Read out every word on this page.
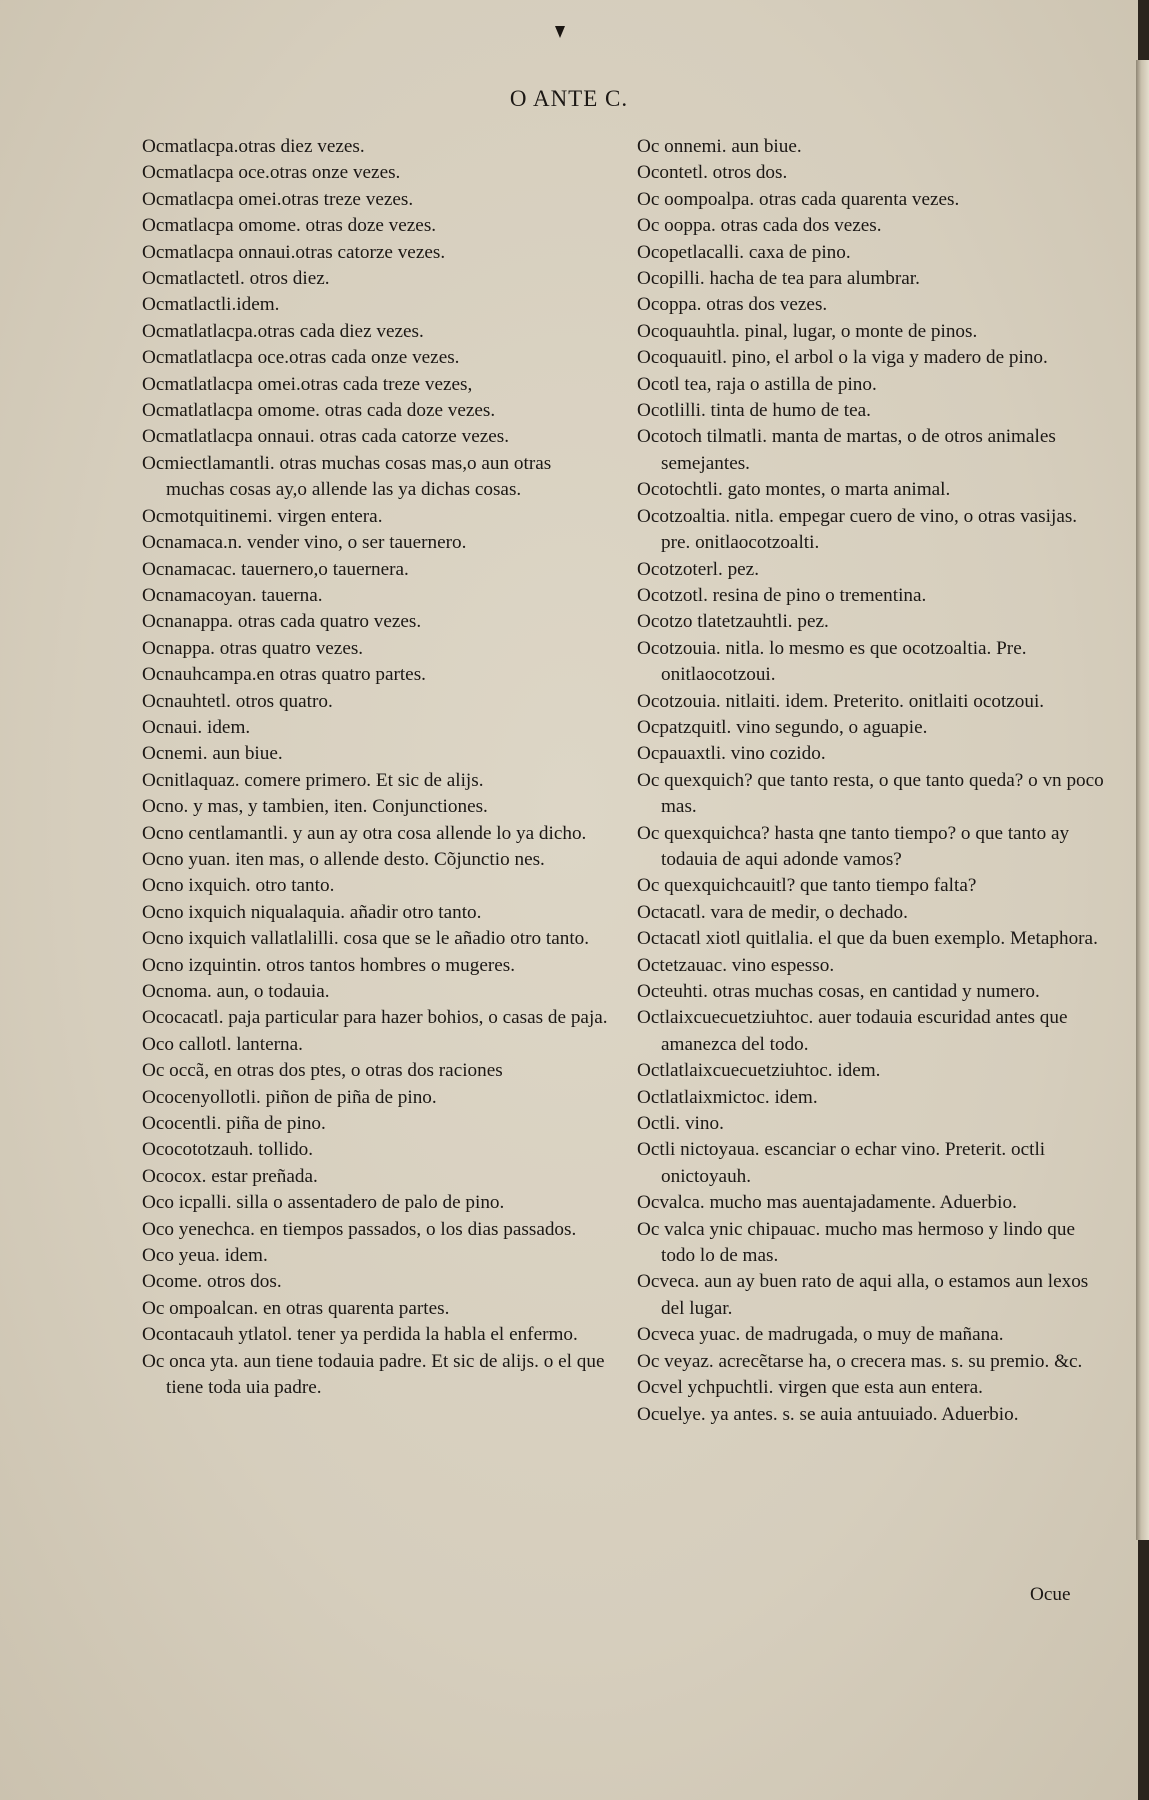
O ANTE C.

Ocmatlacpa.otras diez vezes.

Ocmatlacpa oce.otras onze vezes.

Ocmatlacpa omei.otras treze vezes.

Ocmatlacpa omome. otras doze vezes.

Ocmatlacpa onnaui.otras catorze vezes.

Ocmatlactetl. otros diez.

Ocmatlactli.idem.

Ocmatlatlacpa.otras cada diez vezes.

Ocmatlatlacpa oce.otras cada onze vezes.

Ocmatlatlacpa omei.otras cada treze vezes,

Ocmatlatlacpa omome. otras cada doze vezes.

Ocmatlatlacpa onnaui. otras cada catorze vezes.

Ocmiectlamantli. otras muchas cosas mas,o aun otras muchas cosas ay,o allende las ya dichas cosas.

Ocmotquitinemi. virgen entera.

Ocnamaca.n. vender vino, o ser tauernero.

Ocnamacac. tauernero,o tauernera.

Ocnamacoyan. tauerna.

Ocnanappa. otras cada quatro vezes.

Ocnappa. otras quatro vezes.

Ocnauhcampa.en otras quatro partes.

Ocnauhtetl. otros quatro.

Ocnaui. idem.

Ocnemi. aun biue.

Ocnitlaquaz. comere primero. Et sic de alijs.

Ocno. y mas, y tambien, iten. Conjunctiones.

Ocno centlamantli. y aun ay otra cosa allende lo ya dicho.

Ocno yuan. iten mas, o allende desto. Cõjunctio nes.

Ocno ixquich. otro tanto.

Ocno ixquich niqualaquia. añadir otro tanto.

Ocno ixquich vallatlalilli. cosa que se le añadio otro tanto.

Ocno izquintin. otros tantos hombres o mugeres.

Ocnoma. aun, o todauia.

Ococacatl. paja particular para hazer bohios, o casas de paja.

Oco callotl. lanterna.

Oc occã, en otras dos ptes, o otras dos raciones

Ococenyollotli. piñon de piña de pino.

Ococentli. piña de pino.

Ococototzauh. tollido.

Ococox. estar preñada.

Oco icpalli. silla o assentadero de palo de pino.

Oco yenechca. en tiempos passados, o los dias passados.

Oco yeua. idem.

Ocome. otros dos.

Oc ompoalcan. en otras quarenta partes.

Ocontacauh ytlatol. tener ya perdida la habla el enfermo.

Oc onca yta. aun tiene todauia padre. Et sic de alijs. o el que tiene toda uia padre.

Oc onnemi. aun biue.

Ocontetl. otros dos.

Oc oompoalpa. otras cada quarenta vezes.

Oc ooppa. otras cada dos vezes.

Ocopetlacalli. caxa de pino.

Ocopilli. hacha de tea para alumbrar.

Ocoppa. otras dos vezes.

Ocoquauhtla. pinal, lugar, o monte de pinos.

Ocoquauitl. pino, el arbol o la viga y madero de pino.

Ocotl tea, raja o astilla de pino.

Ocotlilli. tinta de humo de tea.

Ocotoch tilmatli. manta de martas, o de otros animales semejantes.

Ocotochtli. gato montes, o marta animal.

Ocotzoaltia. nitla. empegar cuero de vino, o otras vasijas. pre. onitlaocotzoalti.

Ocotzoterl. pez.

Ocotzotl. resina de pino o trementina.

Ocotzo tlatetzauhtli. pez.

Ocotzouia. nitla. lo mesmo es que ocotzoaltia. Pre. onitlaocotzoui.

Ocotzouia. nitlaiti. idem. Preterito. onitlaiti ocotzoui.

Ocpatzquitl. vino segundo, o aguapie.

Ocpauaxtli. vino cozido.

Oc quexquich? que tanto resta, o que tanto queda? o vn poco mas.

Oc quexquichca? hasta qne tanto tiempo? o que tanto ay todauia de aqui adonde vamos?

Oc quexquichcauitl? que tanto tiempo falta?

Octacatl. vara de medir, o dechado.

Octacatl xiotl quitlalia. el que da buen exemplo. Metaphora.

Octetzauac. vino espesso.

Octeuhti. otras muchas cosas, en cantidad y numero.

Octlaixcuecuetziuhtoc. auer todauia escuridad antes que amanezca del todo.

Octlatlaixcuecuetziuhtoc. idem.

Octlatlaixmictoc. idem.

Octli. vino.

Octli nictoyaua. escanciar o echar vino. Preterit. octli onictoyauh.

Ocvalca. mucho mas auentajadamente. Aduerbio.

Oc valca ynic chipauac. mucho mas hermoso y lindo que todo lo de mas.

Ocveca. aun ay buen rato de aqui alla, o estamos aun lexos del lugar.

Ocveca yuac. de madrugada, o muy de mañana.

Oc veyaz. acrecẽtarse ha, o crecera mas. s. su premio. &c.

Ocvel ychpuchtli. virgen que esta aun entera.

Ocuelye. ya antes. s. se auia antuuiado. Aduerbio.

Ocue
